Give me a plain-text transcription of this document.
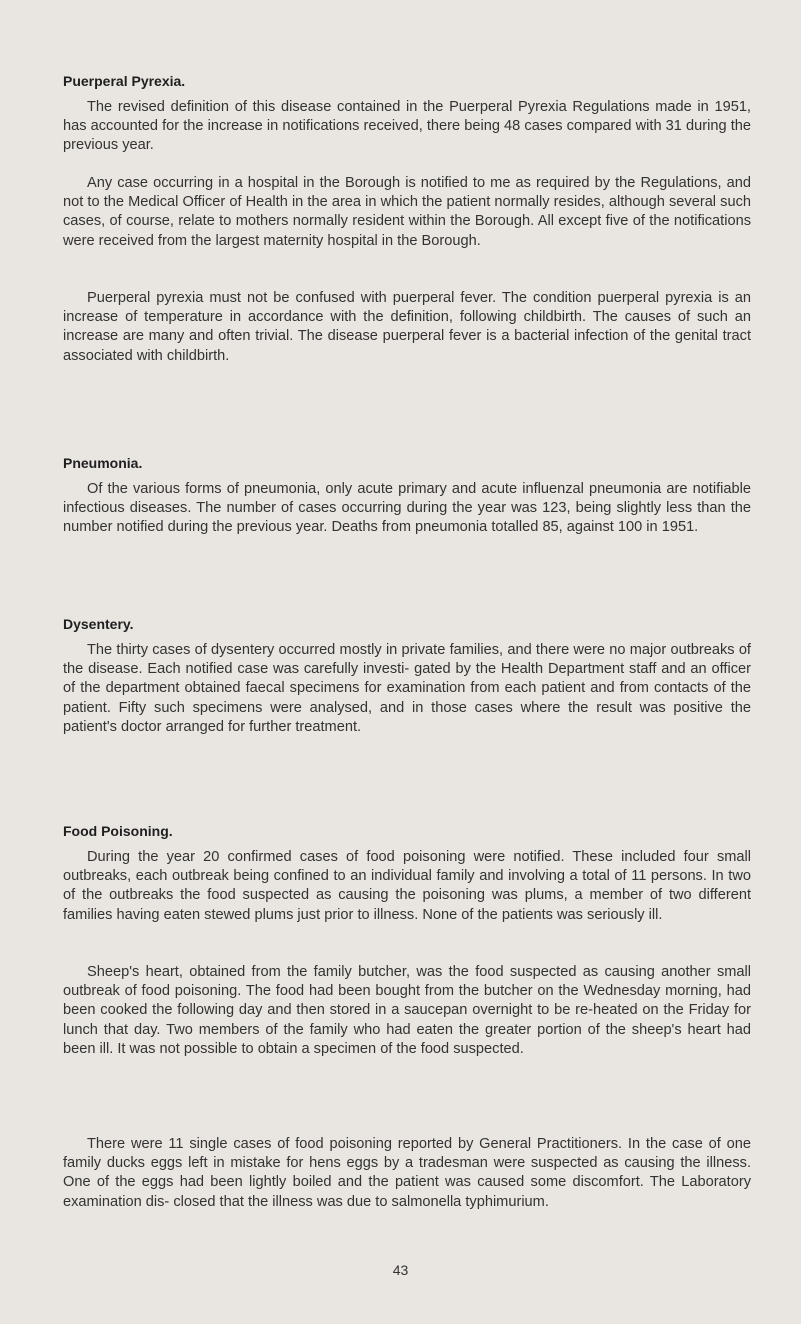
Puerperal Pyrexia.

The revised definition of this disease contained in the Puerperal Pyrexia Regulations made in 1951, has accounted for the increase in notifications received, there being 48 cases compared with 31 during the previous year.

Any case occurring in a hospital in the Borough is notified to me as required by the Regulations, and not to the Medical Officer of Health in the area in which the patient normally resides, although several such cases, of course, relate to mothers normally resident within the Borough. All except five of the notifications were received from the largest maternity hospital in the Borough.

Puerperal pyrexia must not be confused with puerperal fever. The condition puerperal pyrexia is an increase of temperature in accordance with the definition, following childbirth. The causes of such an increase are many and often trivial. The disease puerperal fever is a bacterial infection of the genital tract associated with childbirth.

Pneumonia.

Of the various forms of pneumonia, only acute primary and acute influenzal pneumonia are notifiable infectious diseases. The number of cases occurring during the year was 123, being slightly less than the number notified during the previous year. Deaths from pneumonia totalled 85, against 100 in 1951.

Dysentery.

The thirty cases of dysentery occurred mostly in private families, and there were no major outbreaks of the disease. Each notified case was carefully investi- gated by the Health Department staff and an officer of the department obtained faecal specimens for examination from each patient and from contacts of the patient. Fifty such specimens were analysed, and in those cases where the result was positive the patient's doctor arranged for further treatment.

Food Poisoning.

During the year 20 confirmed cases of food poisoning were notified. These included four small outbreaks, each outbreak being confined to an individual family and involving a total of 11 persons. In two of the outbreaks the food suspected as causing the poisoning was plums, a member of two different families having eaten stewed plums just prior to illness. None of the patients was seriously ill.

Sheep's heart, obtained from the family butcher, was the food suspected as causing another small outbreak of food poisoning. The food had been bought from the butcher on the Wednesday morning, had been cooked the following day and then stored in a saucepan overnight to be re-heated on the Friday for lunch that day. Two members of the family who had eaten the greater portion of the sheep's heart had been ill. It was not possible to obtain a specimen of the food suspected.

There were 11 single cases of food poisoning reported by General Practitioners. In the case of one family ducks eggs left in mistake for hens eggs by a tradesman were suspected as causing the illness. One of the eggs had been lightly boiled and the patient was caused some discomfort. The Laboratory examination dis- closed that the illness was due to salmonella typhimurium.

43
